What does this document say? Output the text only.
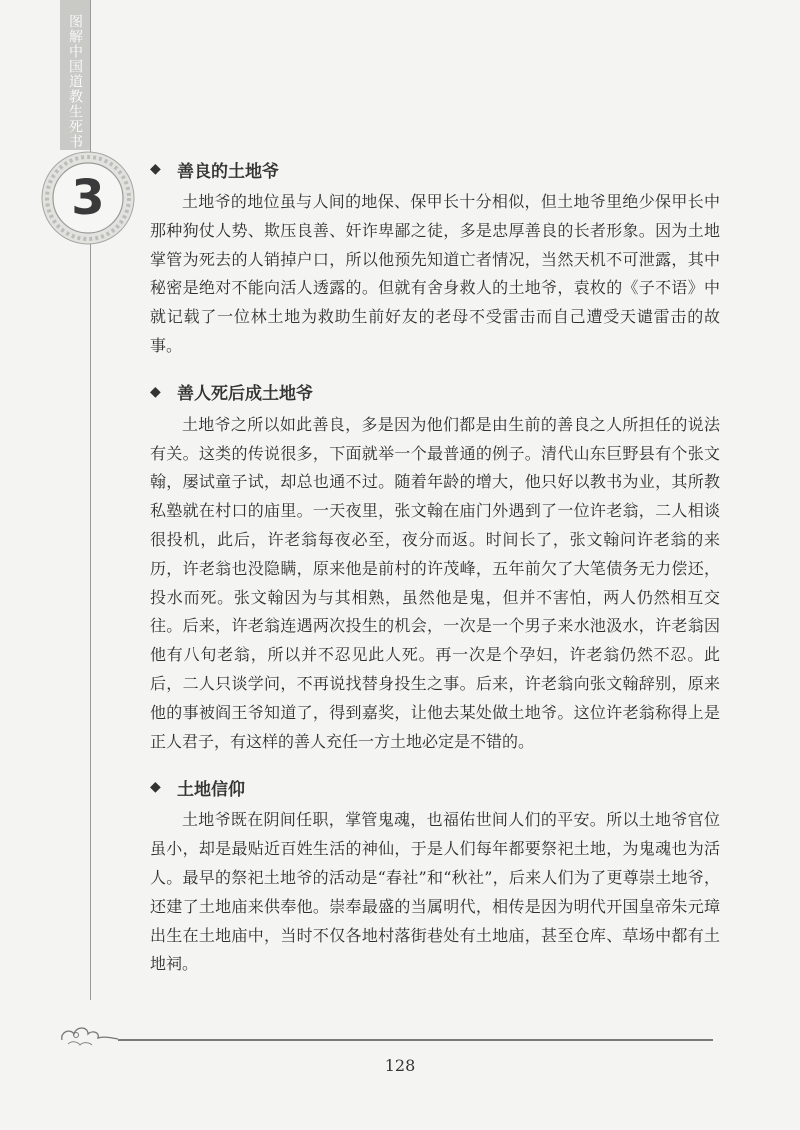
图解中国道教生死书
3
◆ 善良的土地爷

土地爷的地位虽与人间的地保、保甲长十分相似，但土地爷里绝少保甲长中那种狗仗人势、欺压良善、奸诈卑鄙之徒，多是忠厚善良的长者形象。因为土地掌管为死去的人销掉户口，所以他预先知道亡者情况，当然天机不可泄露，其中秘密是绝对不能向活人透露的。但就有舍身救人的土地爷，袁枚的《子不语》中就记载了一位林土地为救助生前好友的老母不受雷击而自己遭受天谴雷击的故事。

◆ 善人死后成土地爷

土地爷之所以如此善良，多是因为他们都是由生前的善良之人所担任的说法有关。这类的传说很多，下面就举一个最普通的例子。清代山东巨野县有个张文翰，屡试童子试，却总也通不过。随着年龄的增大，他只好以教书为业，其所教私塾就在村口的庙里。一天夜里，张文翰在庙门外遇到了一位许老翁，二人相谈很投机，此后，许老翁每夜必至，夜分而返。时间长了，张文翰问许老翁的来历，许老翁也没隐瞒，原来他是前村的许茂峰，五年前欠了大笔债务无力偿还，投水而死。张文翰因为与其相熟，虽然他是鬼，但并不害怕，两人仍然相互交往。后来，许老翁连遇两次投生的机会，一次是一个男子来水池汲水，许老翁因他有八旬老翁，所以并不忍见此人死。再一次是个孕妇，许老翁仍然不忍。此后，二人只谈学问，不再说找替身投生之事。后来，许老翁向张文翰辞别，原来他的事被阎王爷知道了，得到嘉奖，让他去某处做土地爷。这位许老翁称得上是正人君子，有这样的善人充任一方土地必定是不错的。

◆ 土地信仰

土地爷既在阴间任职，掌管鬼魂，也福佑世间人们的平安。所以土地爷官位虽小，却是最贴近百姓生活的神仙，于是人们每年都要祭祀土地，为鬼魂也为活人。最早的祭祀土地爷的活动是“春社”和“秋社”，后来人们为了更尊崇土地爷，还建了土地庙来供奉他。崇奉最盛的当属明代，相传是因为明代开国皇帝朱元璋出生在土地庙中，当时不仅各地村落街巷处有土地庙，甚至仓库、草场中都有土地祠。

128
